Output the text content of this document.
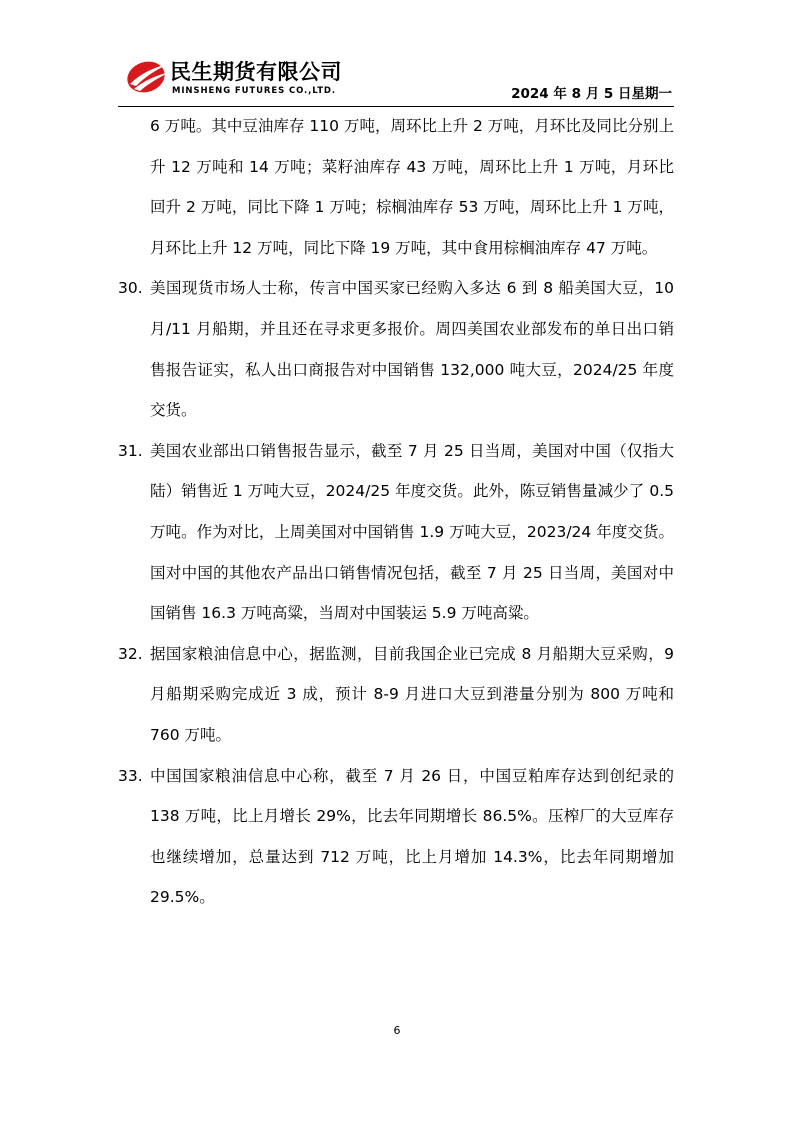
民生期货有限公司
MINSHENG FUTURES CO.,LTD.	2024 年 8 月 5 日星期一

6 万吨。其中豆油库存 110 万吨，周环比上升 2 万吨，月环比及同比分别上升 12 万吨和 14 万吨；菜籽油库存 43 万吨，周环比上升 1 万吨，月环比回升 2 万吨，同比下降 1 万吨；棕榈油库存 53 万吨，周环比上升 1 万吨，月环比上升 12 万吨，同比下降 19 万吨，其中食用棕榈油库存 47 万吨。

30. 美国现货市场人士称，传言中国买家已经购入多达 6 到 8 船美国大豆，10 月/11 月船期，并且还在寻求更多报价。周四美国农业部发布的单日出口销售报告证实，私人出口商报告对中国销售 132,000 吨大豆，2024/25 年度交货。
31. 美国农业部出口销售报告显示，截至 7 月 25 日当周，美国对中国（仅指大陆）销售近 1 万吨大豆，2024/25 年度交货。此外，陈豆销售量减少了 0.5 万吨。作为对比，上周美国对中国销售 1.9 万吨大豆，2023/24 年度交货。国对中国的其他农产品出口销售情况包括，截至 7 月 25 日当周，美国对中国销售 16.3 万吨高粱，当周对中国装运 5.9 万吨高粱。
32. 据国家粮油信息中心，据监测，目前我国企业已完成 8 月船期大豆采购，9 月船期采购完成近 3 成，预计 8-9 月进口大豆到港量分别为 800 万吨和 760 万吨。
33. 中国国家粮油信息中心称，截至 7 月 26 日，中国豆粕库存达到创纪录的 138 万吨，比上月增长 29%，比去年同期增长 86.5%。压榨厂的大豆库存也继续增加，总量达到 712 万吨，比上月增加 14.3%，比去年同期增加 29.5%。
6
